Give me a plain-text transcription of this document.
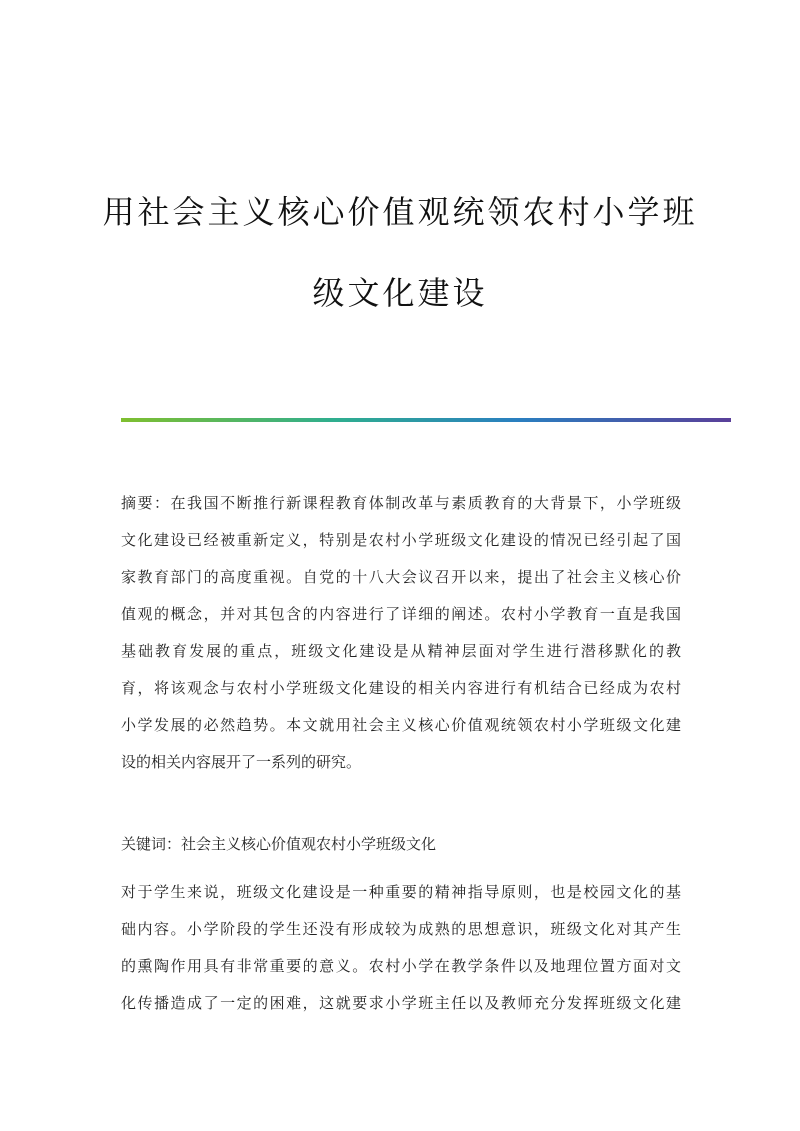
用社会主义核心价值观统领农村小学班
级文化建设
摘要：在我国不断推行新课程教育体制改革与素质教育的大背景下，小学班级
文化建设已经被重新定义，特别是农村小学班级文化建设的情况已经引起了国
家教育部门的高度重视。自党的十八大会议召开以来，提出了社会主义核心价
值观的概念，并对其包含的内容进行了详细的阐述。农村小学教育一直是我国
基础教育发展的重点，班级文化建设是从精神层面对学生进行潜移默化的教
育，将该观念与农村小学班级文化建设的相关内容进行有机结合已经成为农村
小学发展的必然趋势。本文就用社会主义核心价值观统领农村小学班级文化建
设的相关内容展开了一系列的研究。
关键词：社会主义核心价值观农村小学班级文化
对于学生来说，班级文化建设是一种重要的精神指导原则，也是校园文化的基
础内容。小学阶段的学生还没有形成较为成熟的思想意识，班级文化对其产生
的熏陶作用具有非常重要的意义。农村小学在教学条件以及地理位置方面对文
化传播造成了一定的困难，这就要求小学班主任以及教师充分发挥班级文化建
